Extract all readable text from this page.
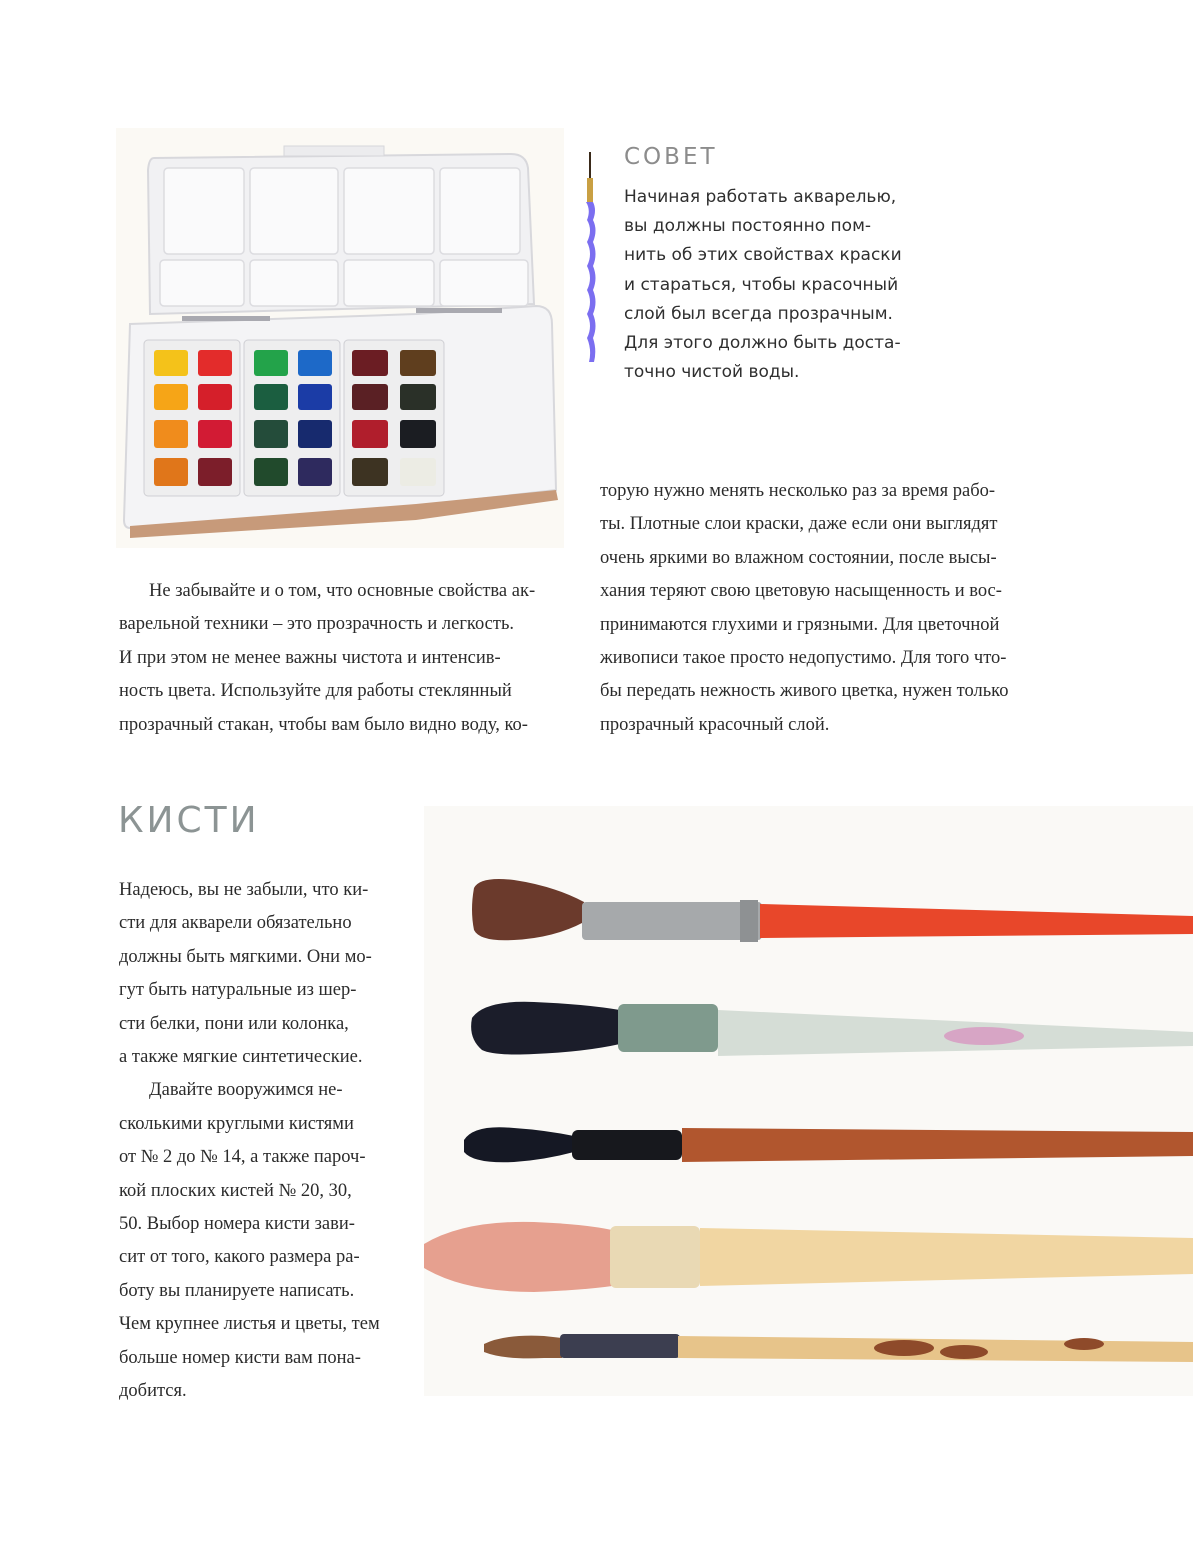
СОВЕТ
Начиная работать акварелью,
вы должны постоянно пом-
нить об этих свойствах краски
и стараться, чтобы красочный
слой был всегда прозрачным.
Для этого должно быть доста-
точно чистой воды.
Не забывайте и о том, что основные свойства ак-
варельной техники – это прозрачность и легкость.
И при этом не менее важны чистота и интенсив-
ность цвета. Используйте для работы стеклянный
прозрачный стакан, чтобы вам было видно воду, ко-
торую нужно менять несколько раз за время рабо-
ты. Плотные слои краски, даже если они выглядят
очень яркими во влажном состоянии, после высы-
хания теряют свою цветовую насыщенность и вос-
принимаются глухими и грязными. Для цветочной
живописи такое просто недопустимо. Для того что-
бы передать нежность живого цветка, нужен только
прозрачный красочный слой.
КИСТИ
Надеюсь, вы не забыли, что ки-
сти для акварели обязательно
должны быть мягкими. Они мо-
гут быть натуральные из шер-
сти белки, пони или колонка,
а также мягкие синтетические.
Давайте вооружимся не-
сколькими круглыми кистями
от № 2 до № 14, а также пароч-
кой плоских кистей № 20, 30,
50. Выбор номера кисти зави-
сит от того, какого размера ра-
боту вы планируете написать.
Чем крупнее листья и цветы, тем
больше номер кисти вам пона-
добится.
